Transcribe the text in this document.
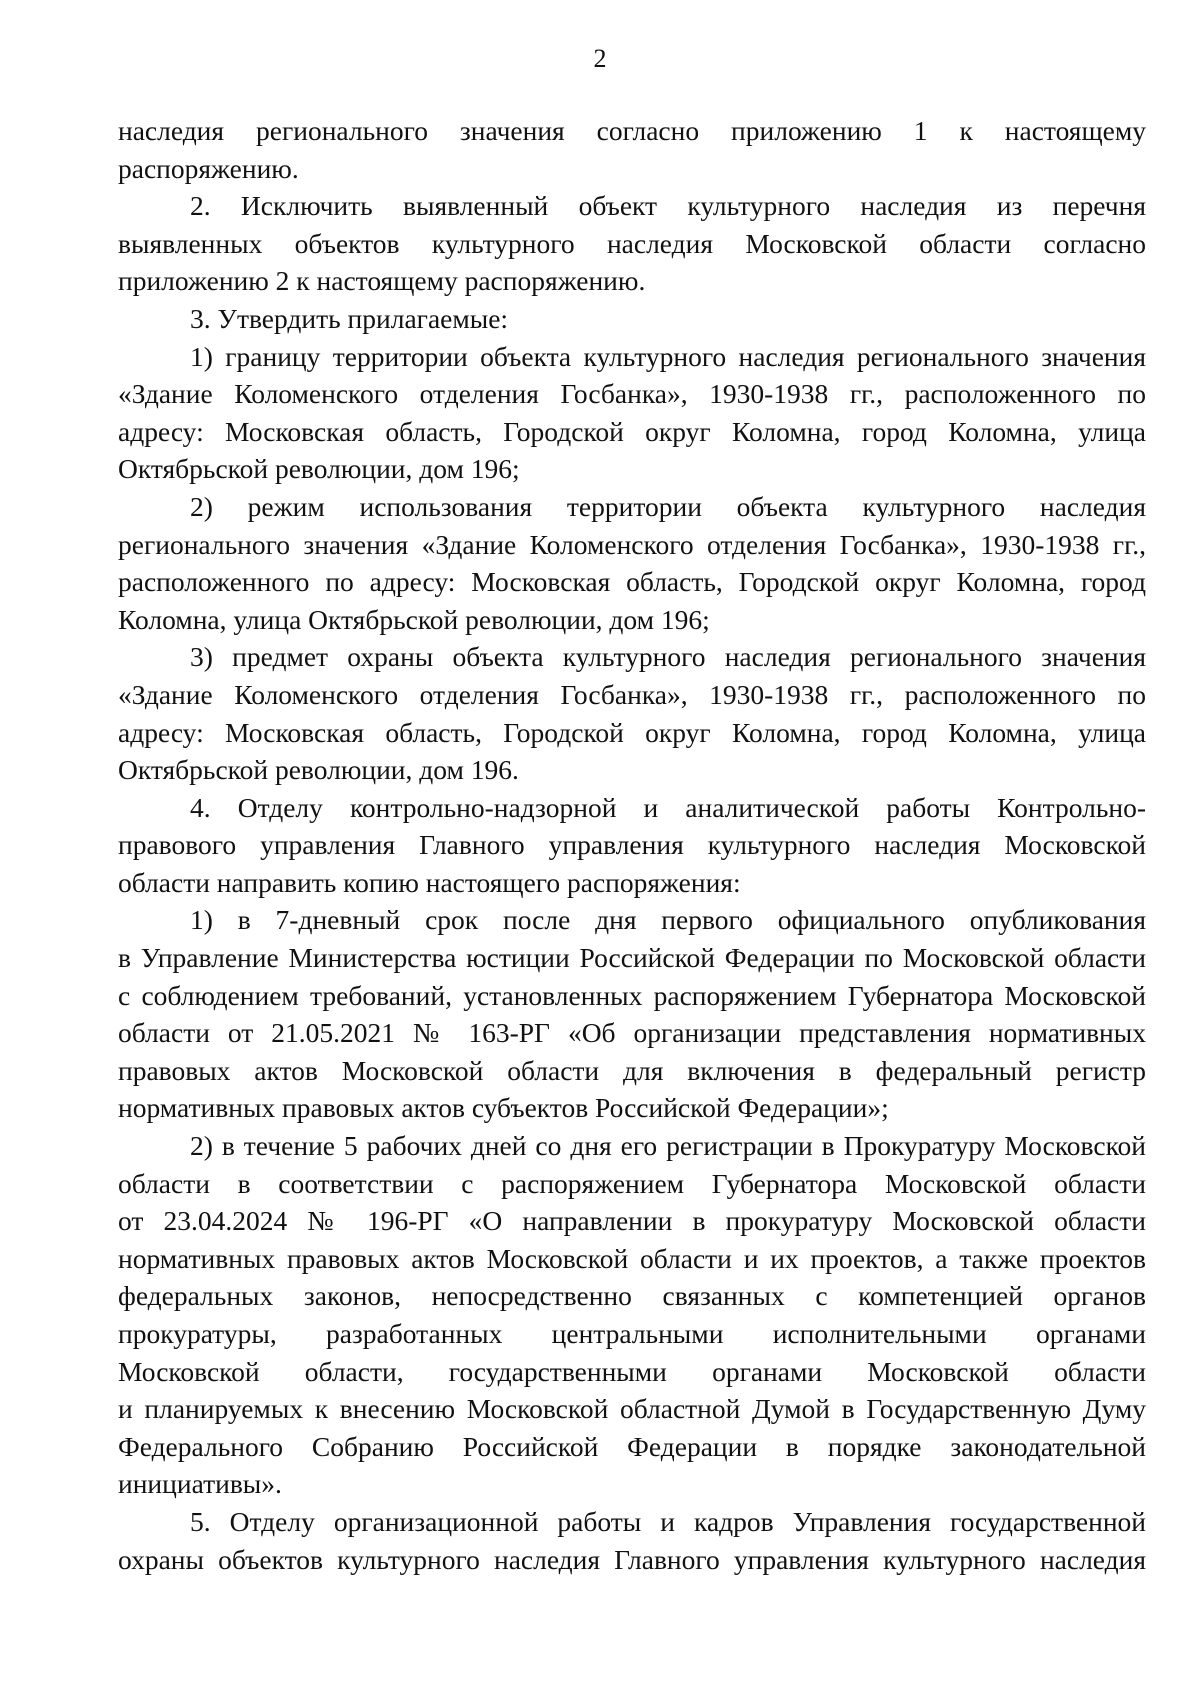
2
наследия регионального значения согласно приложению 1 к настоящему
распоряжению.
2. Исключить выявленный объект культурного наследия из перечня
выявленных объектов культурного наследия Московской области согласно
приложению 2 к настоящему распоряжению.
3. Утвердить прилагаемые:
1) границу территории объекта культурного наследия регионального значения
«Здание Коломенского отделения Госбанка», 1930-1938 гг., расположенного по
адресу: Московская область, Городской округ Коломна, город Коломна, улица
Октябрьской революции, дом 196;
2) режим использования территории объекта культурного наследия
регионального значения «Здание Коломенского отделения Госбанка», 1930-1938 гг.,
расположенного по адресу: Московская область, Городской округ Коломна, город
Коломна, улица Октябрьской революции, дом 196;
3) предмет охраны объекта культурного наследия регионального значения
«Здание Коломенского отделения Госбанка», 1930-1938 гг., расположенного по
адресу: Московская область, Городской округ Коломна, город Коломна, улица
Октябрьской революции, дом 196.
4. Отделу контрольно-надзорной и аналитической работы Контрольно-
правового управления Главного управления культурного наследия Московской
области направить копию настоящего распоряжения:
1) в 7-дневный срок после дня первого официального опубликования
в Управление Министерства юстиции Российской Федерации по Московской области
с соблюдением требований, установленных распоряжением Губернатора Московской
области от 21.05.2021 № 163-РГ «Об организации представления нормативных
правовых актов Московской области для включения в федеральный регистр
нормативных правовых актов субъектов Российской Федерации»;
2) в течение 5 рабочих дней со дня его регистрации в Прокуратуру Московской
области в соответствии с распоряжением Губернатора Московской области
от 23.04.2024 № 196-РГ «О направлении в прокуратуру Московской области
нормативных правовых актов Московской области и их проектов, а также проектов
федеральных законов, непосредственно связанных с компетенцией органов
прокуратуры, разработанных центральными исполнительными органами
Московской области, государственными органами Московской области
и планируемых к внесению Московской областной Думой в Государственную Думу
Федерального Собранию Российской Федерации в порядке законодательной
инициативы».
5. Отделу организационной работы и кадров Управления государственной
охраны объектов культурного наследия Главного управления культурного наследия
